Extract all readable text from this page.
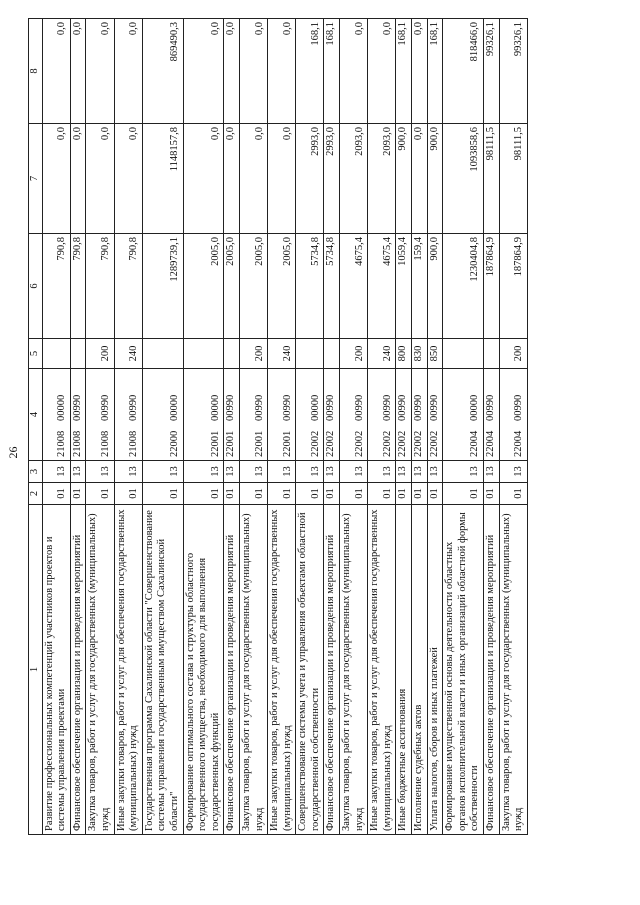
26
1	2	3	4	5	6	7	8
Развитие профессиональных компетенций участников проектов и системы управления проектами	01	13	2100800000		790,8	0,0	0,0
Финансовое обеспечение организации и проведения мероприятий	01	13	2100800990		790,8	0,0	0,0
Закупка товаров, работ и услуг для государственных (муниципальных) нужд	01	13	2100800990	200	790,8	0,0	0,0
Иные закупки товаров, работ и услуг для обеспечения государственных (муниципальных) нужд	01	13	2100800990	240	790,8	0,0	0,0
Государственная программа Сахалинской области "Совершенствование системы управления государственным имуществом Сахалинской области"	01	13	2200000000		1289739,1	1148157,8	869490,3
Формирование оптимального состава и структуры областного государственного имущества, необходимого для выполнения государственных функций	01	13	2200100000		2005,0	0,0	0,0
Финансовое обеспечение организации и проведения мероприятий	01	13	2200100990		2005,0	0,0	0,0
Закупка товаров, работ и услуг для государственных (муниципальных) нужд	01	13	2200100990	200	2005,0	0,0	0,0
Иные закупки товаров, работ и услуг для обеспечения государственных (муниципальных) нужд	01	13	2200100990	240	2005,0	0,0	0,0
Совершенствование системы учета и управления объектами областной государственной собственности	01	13	2200200000		5734,8	2993,0	168,1
Финансовое обеспечение организации и проведения мероприятий	01	13	2200200990		5734,8	2993,0	168,1
Закупка товаров, работ и услуг для государственных (муниципальных) нужд	01	13	2200200990	200	4675,4	2093,0	0,0
Иные закупки товаров, работ и услуг для обеспечения государственных (муниципальных) нужд	01	13	2200200990	240	4675,4	2093,0	0,0
Иные бюджетные ассигнования	01	13	2200200990	800	1059,4	900,0	168,1
Исполнение судебных актов	01	13	2200200990	830	159,4	0,0	0,0
Уплата налогов, сборов и иных платежей	01	13	2200200990	850	900,0	900,0	168,1
Формирование имущественной основы деятельности областных органов исполнительной власти и иных организаций областной формы собственности	01	13	2200400000		1230404,8	1093858,6	818466,0
Финансовое обеспечение организации и проведения мероприятий	01	13	2200400990		187864,9	98111,5	99326,1
Закупка товаров, работ и услуг для государственных (муниципальных) нужд	01	13	2200400990	200	187864,9	98111,5	99326,1
